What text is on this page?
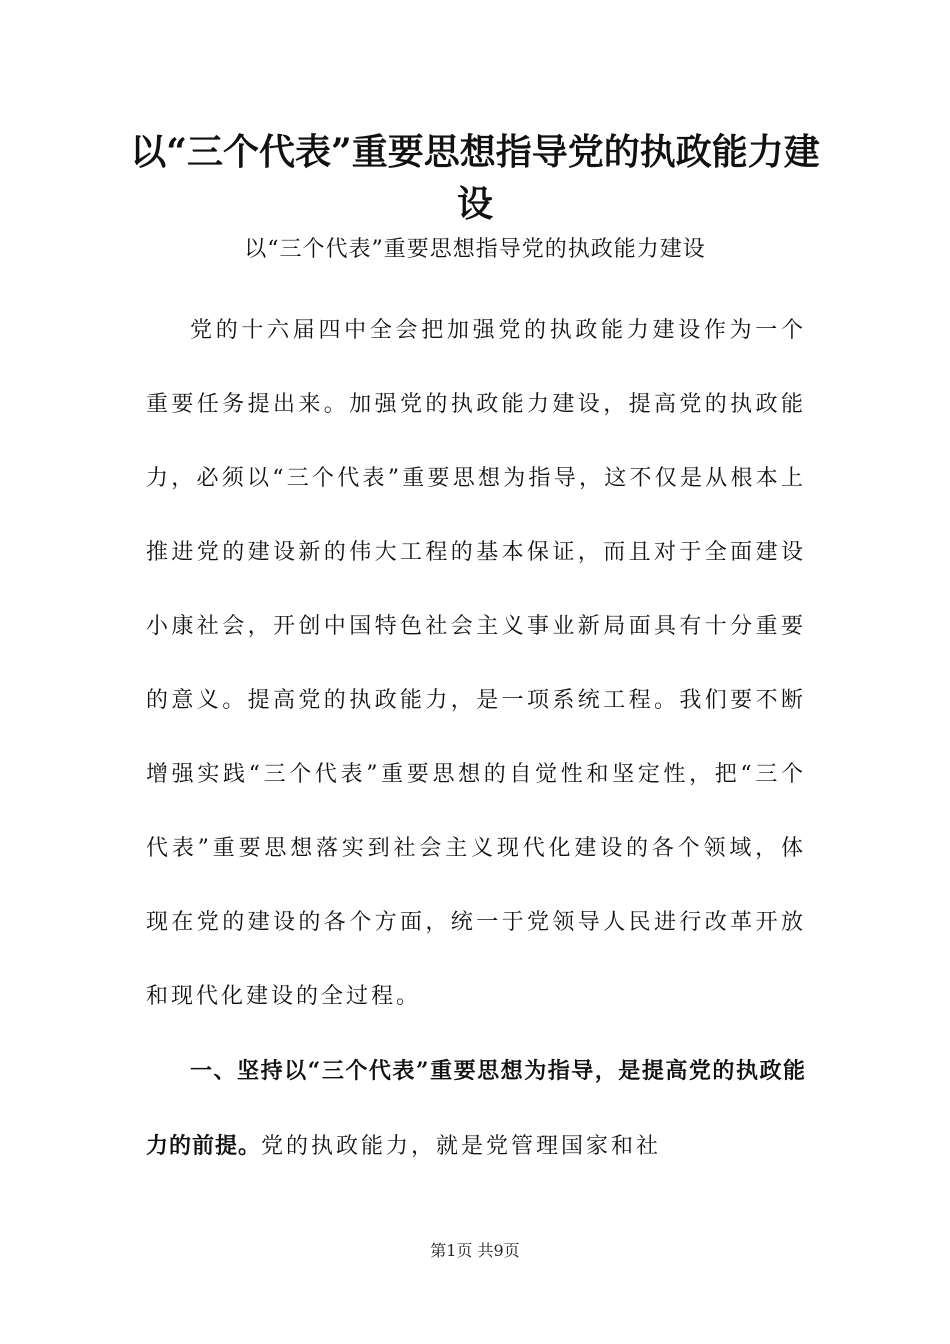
以“三个代表”重要思想指导党的执政能力建设
以“三个代表”重要思想指导党的执政能力建设

党的十六届四中全会把加强党的执政能力建设作为一个重要任务提出来。加强党的执政能力建设，提高党的执政能力，必须以“三个代表”重要思想为指导，这不仅是从根本上推进党的建设新的伟大工程的基本保证，而且对于全面建设小康社会，开创中国特色社会主义事业新局面具有十分重要的意义。提高党的执政能力，是一项系统工程。我们要不断增强实践“三个代表”重要思想的自觉性和坚定性，把“三个代表”重要思想落实到社会主义现代化建设的各个领域，体现在党的建设的各个方面，统一于党领导人民进行改革开放和现代化建设的全过程。

一、坚持以“三个代表”重要思想为指导，是提高党的执政能力的前提。党的执政能力，就是党管理国家和社

第1页 共9页
